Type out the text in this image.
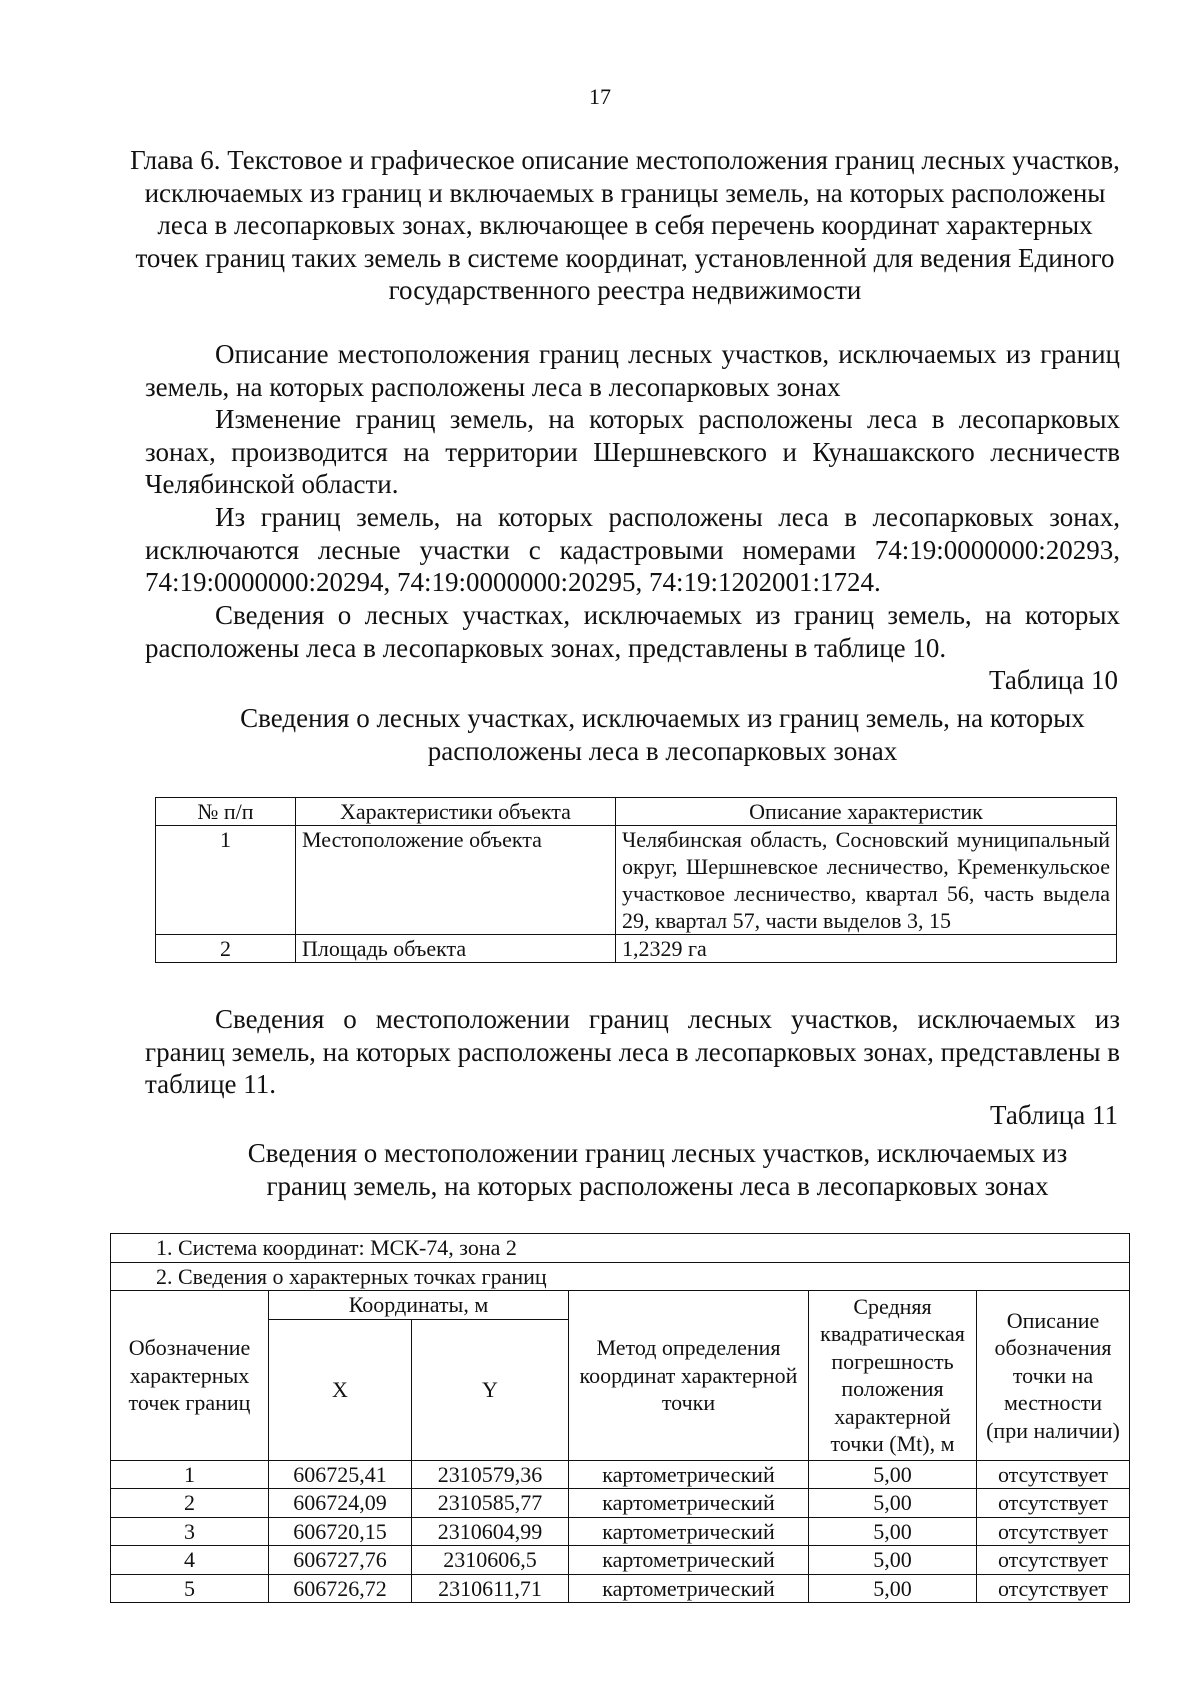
17
Глава 6. Текстовое и графическое описание местоположения границ лесных участков, исключаемых из границ и включаемых в границы земель, на которых расположены леса в лесопарковых зонах, включающее в себя перечень координат характерных точек границ таких земель в системе координат, установленной для ведения Единого государственного реестра недвижимости
Описание местоположения границ лесных участков, исключаемых из границ земель, на которых расположены леса в лесопарковых зонах
Изменение границ земель, на которых расположены леса в лесопарковых зонах, производится на территории Шершневского и Кунашакского лесничеств Челябинской области.
Из границ земель, на которых расположены леса в лесопарковых зонах, исключаются лесные участки с кадастровыми номерами 74:19:0000000:20293, 74:19:0000000:20294, 74:19:0000000:20295, 74:19:1202001:1724.
Сведения о лесных участках, исключаемых из границ земель, на которых расположены леса в лесопарковых зонах, представлены в таблице 10.
Таблица 10
Сведения о лесных участках, исключаемых из границ земель, на которых расположены леса в лесопарковых зонах
№ п/п	Характеристики объекта	Описание характеристик
1	Местоположение объекта	Челябинская область, Сосновский муниципальный округ, Шершневское лесничество, Кременкульское участковое лесничество, квартал 56, часть выдела 29, квартал 57, части выделов 3, 15
2	Площадь объекта	1,2329 га
Сведения о местоположении границ лесных участков, исключаемых из границ земель, на которых расположены леса в лесопарковых зонах, представлены в таблице 11.
Таблица 11
Сведения о местоположении границ лесных участков, исключаемых из границ земель, на которых расположены леса в лесопарковых зонах
1. Система координат: МСК-74, зона 2					
2. Сведения о характерных точках границ					
Обозначение характерных точек границ	Координаты, м		Метод определения координат характерной точки	Средняя квадратическая погрешность положения характерной точки (Mt), м	Описание обозначения точки на местности (при наличии)
	X	Y			
1	606725,41	2310579,36	картометрический	5,00	отсутствует
2	606724,09	2310585,77	картометрический	5,00	отсутствует
3	606720,15	2310604,99	картометрический	5,00	отсутствует
4	606727,76	2310606,5	картометрический	5,00	отсутствует
5	606726,72	2310611,71	картометрический	5,00	отсутствует
